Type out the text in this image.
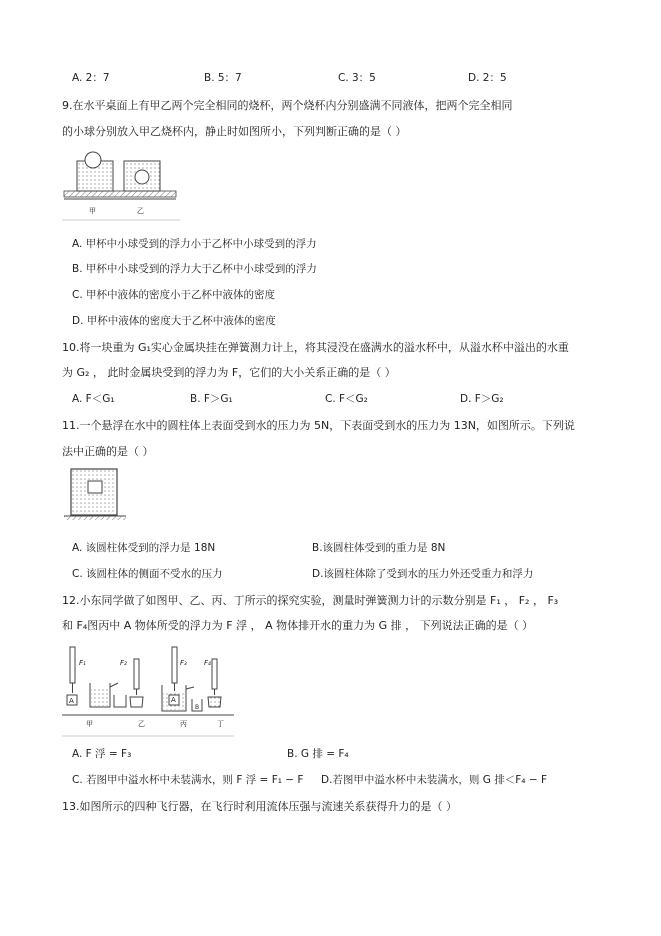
A. 2：7	B. 5：7	C. 3：5	D. 2：5
9.在水平桌面上有甲乙两个完全相同的烧杯，两个烧杯内分别盛满不同液体，把两个完全相同
的小球分别放入甲乙烧杯内，静止时如图所小，下列判断正确的是（ ）
甲	乙
A. 甲杯中小球受到的浮力小于乙杯中小球受到的浮力
B. 甲杯中小球受到的浮力大于乙杯中小球受到的浮力
C. 甲杯中液体的密度小于乙杯中液体的密度
D. 甲杯中液体的密度大于乙杯中液体的密度
10.将一块重为 G₁实心金属块挂在弹簧测力计上，将其浸没在盛满水的溢水杯中，从溢水杯中溢出的水重
为 G₂ ， 此时金属块受到的浮力为 F，它们的大小关系正确的是（ ）
A. F＜G₁	B. F＞G₁	C. F＜G₂	D. F＞G₂
11.一个悬浮在水中的圆柱体上表面受到水的压力为 5N，下表面受到水的压力为 13N，如图所示。下列说
法中正确的是（ ）
A. 该圆柱体受到的浮力是 18N	B.该圆柱体受到的重力是 8N
C. 该圆柱体的侧面不受水的压力	D.该圆柱体除了受到水的压力外还受重力和浮力
12.小东同学做了如图甲、乙、丙、丁所示的探究实验，测量时弹簧测力计的示数分别是 F₁ ， F₂ ， F₃
和 F₄图丙中 A 物体所受的浮力为 F 浮 ， A 物体排开水的重力为 G 排 ， 下列说法正确的是（ ）
F₁	F₂	F₃ F₄
A	A
B
甲	乙	丙	丁
A. F 浮 = F₃	B. G 排 = F₄
C. 若图甲中溢水杯中未装满水，则 F 浮 = F₁ − F D.若图甲中溢水杯中未装满水，则 G 排＜F₄ − F
13.如图所示的四种飞行器，在飞行时利用流体压强与流速关系获得升力的是（ ）
